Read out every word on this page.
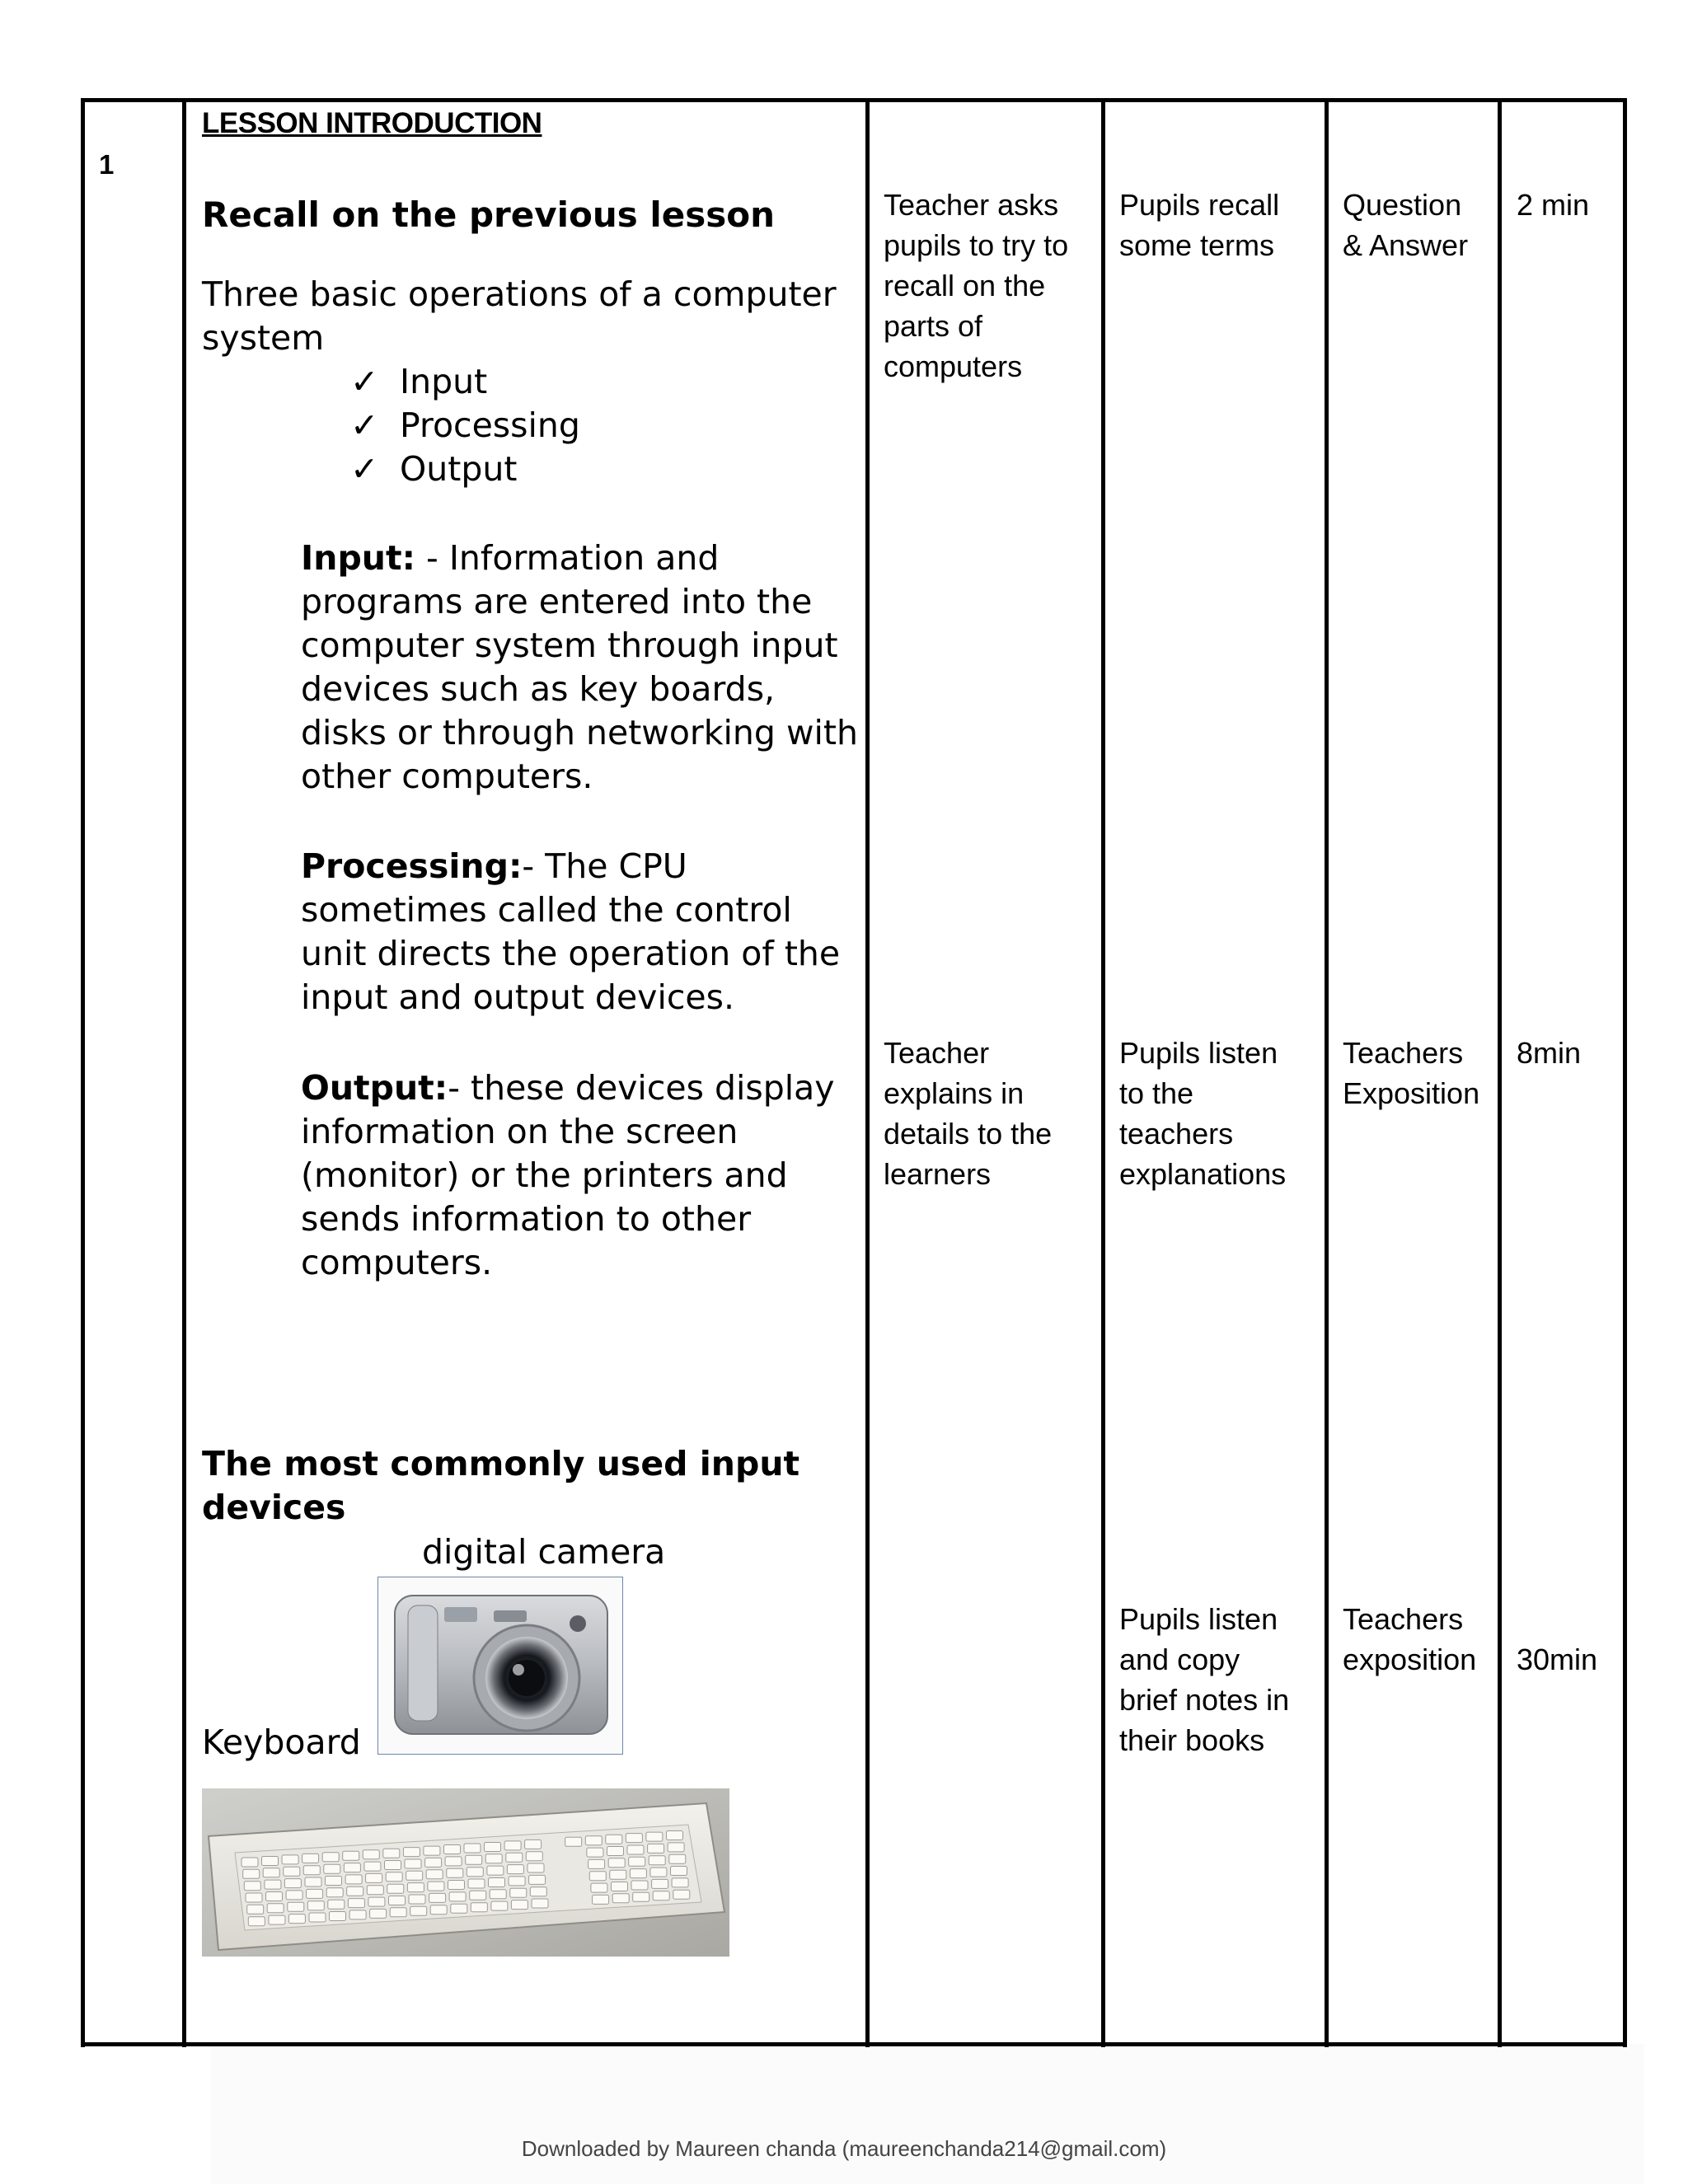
1
LESSON INTRODUCTION
Recall on the previous lesson
Three basic operations of a computer
system
✓ Input
✓ Processing
✓ Output
Input: - Information and
programs are entered into the
computer system through input
devices such as key boards,
disks or through networking with
other computers.
Processing:- The CPU
sometimes called the control
unit directs the operation of the
input and output devices.
Output:- these devices display
information on the screen
(monitor) or the printers and
sends information to other
computers.
The most commonly used input
devices
digital camera
Keyboard
Teacher asks
pupils to try to
recall on the
parts of
computers
Teacher
explains in
details to the
learners
Pupils recall
some terms
Pupils listen
to the
teachers
explanations
Pupils listen
and copy
brief notes in
their books
Question
& Answer
Teachers
Exposition
Teachers
exposition
2 min
8min
30min
Downloaded by Maureen chanda (maureenchanda214@gmail.com)
